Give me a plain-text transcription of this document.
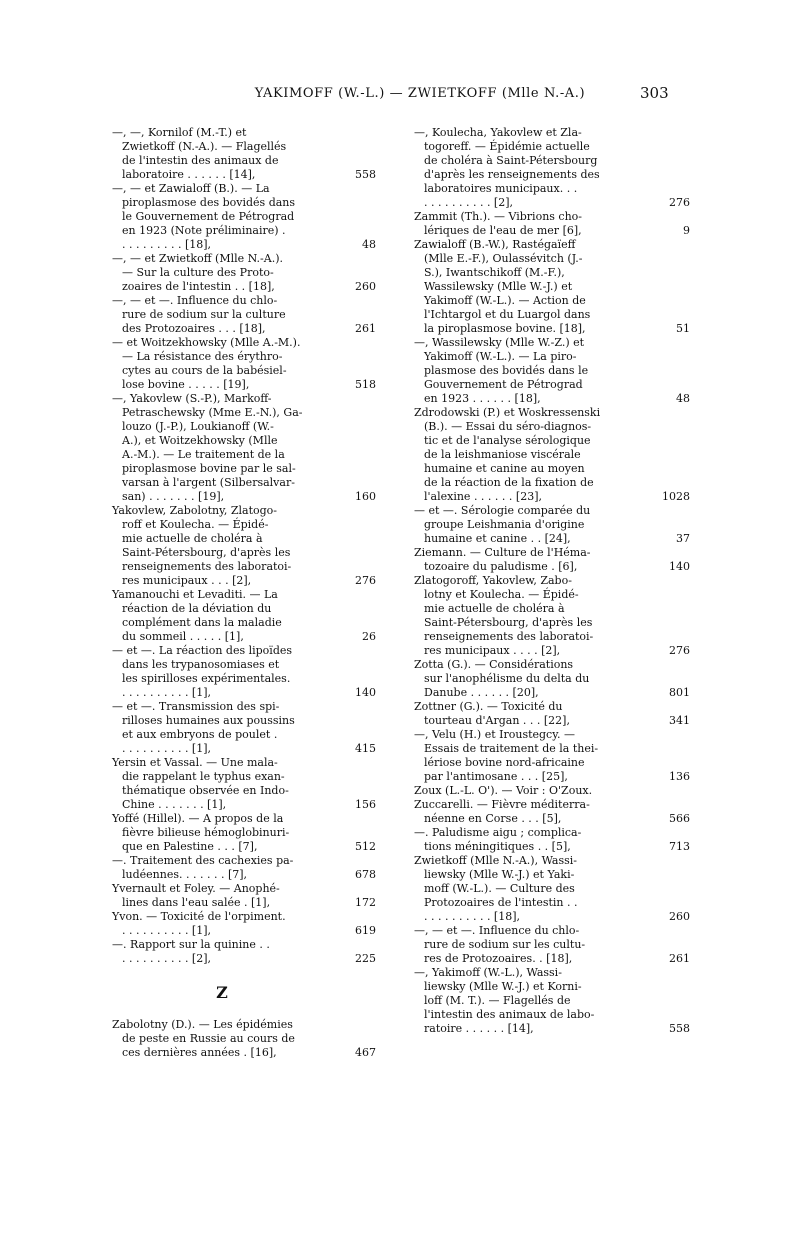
YAKIMOFF (W.-L.) — ZWIETKOFF (Mlle N.-A.)	303
—, —, Kornilof (M.-T.) et
Zwietkoff (N.-A.). — Flagellés
de l'intestin des animaux de
laboratoire . . . . . . [14],	558
—, — et Zawialoff (B.). — La
piroplasmose des bovidés dans
le Gouvernement de Pétrograd
en 1923 (Note préliminaire) .
. . . . . . . . . [18],	48
—, — et Zwietkoff (Mlle N.-A.).
— Sur la culture des Proto-
zoaires de l'intestin . . [18],	260
—, — et —. Influence du chlo-
rure de sodium sur la culture
des Protozoaires . . . [18],	261
— et Woitzekhowsky (Mlle A.-M.).
— La résistance des érythro-
cytes au cours de la babésiel-
lose bovine . . . . . [19],	518
—, Yakovlew (S.-P.), Markoff-
Petraschewsky (Mme E.-N.), Ga-
louzo (J.-P.), Loukianoff (W.-
A.), et Woitzekhowsky (Mlle
A.-M.). — Le traitement de la
piroplasmose bovine par le sal-
varsan à l'argent (Silbersalvar-
san) . . . . . . . [19],	160
Yakovlew, Zabolotny, Zlatogo-
roff et Koulecha. — Épidé-
mie actuelle de choléra à
Saint-Pétersbourg, d'après les
renseignements des laboratoi-
res municipaux . . . [2],	276
Yamanouchi et Levaditi. — La
réaction de la déviation du
complément dans la maladie
du sommeil . . . . . [1],	26
— et —. La réaction des lipoïdes
dans les trypanosomiases et
les spirilloses expérimentales.
. . . . . . . . . . [1],	140
— et —. Transmission des spi-
rilloses humaines aux poussins
et aux embryons de poulet .
. . . . . . . . . . [1],	415
Yersin et Vassal. — Une mala-
die rappelant le typhus exan-
thématique observée en Indo-
Chine . . . . . . . [1],	156
Yoffé (Hillel). — A propos de la
fièvre bilieuse hémoglobinuri-
que en Palestine . . . [7],	512
—. Traitement des cachexies pa-
ludéennes. . . . . . . [7],	678
Yvernault et Foley. — Anophé-
lines dans l'eau salée . [1],	172
Yvon. — Toxicité de l'orpiment.
. . . . . . . . . . [1],	619
—. Rapport sur la quinine . .
. . . . . . . . . . [2],	225
Z
Zabolotny (D.). — Les épidémies
de peste en Russie au cours de
ces dernières années . [16],	467
—, Koulecha, Yakovlew et Zla-
togoreff. — Épidémie actuelle
de choléra à Saint-Pétersbourg
d'après les renseignements des
laboratoires municipaux. . .
. . . . . . . . . . [2],	276
Zammit (Th.). — Vibrions cho-
lériques de l'eau de mer [6],	9
Zawialoff (B.-W.), Rastégaïeff
(Mlle E.-F.), Oulassévitch (J.-
S.), Iwantschikoff (M.-F.),
Wassilewsky (Mlle W.-J.) et
Yakimoff (W.-L.). — Action de
l'Ichtargol et du Luargol dans
la piroplasmose bovine. [18],	51
—, Wassilewsky (Mlle W.-Z.) et
Yakimoff (W.-L.). — La piro-
plasmose des bovidés dans le
Gouvernement de Pétrograd
en 1923 . . . . . . [18],	48
Zdrodowski (P.) et Woskressenski
(B.). — Essai du séro-diagnos-
tic et de l'analyse sérologique
de la leishmaniose viscérale
humaine et canine au moyen
de la réaction de la fixation de
l'alexine . . . . . . [23],	1028
— et —. Sérologie comparée du
groupe Leishmania d'origine
humaine et canine . . [24],	37
Ziemann. — Culture de l'Héma-
tozoaire du paludisme . [6],	140
Zlatogoroff, Yakovlew, Zabo-
lotny et Koulecha. — Épidé-
mie actuelle de choléra à
Saint-Pétersbourg, d'après les
renseignements des laboratoi-
res municipaux . . . . [2],	276
Zotta (G.). — Considérations
sur l'anophélisme du delta du
Danube . . . . . . [20],	801
Zottner (G.). — Toxicité du
tourteau d'Argan . . . [22],	341
—, Velu (H.) et Iroustegcy. —
Essais de traitement de la thei-
lériose bovine nord-africaine
par l'antimosane . . . [25],	136
Zoux (L.-L. O'). — Voir : O'Zoux.
Zuccarelli. — Fièvre méditerra-
néenne en Corse . . . [5],	566
—. Paludisme aigu ; complica-
tions méningitiques . . [5],	713
Zwietkoff (Mlle N.-A.), Wassi-
liewsky (Mlle W.-J.) et Yaki-
moff (W.-L.). — Culture des
Protozoaires de l'intestin . .
. . . . . . . . . . [18],	260
—, — et —. Influence du chlo-
rure de sodium sur les cultu-
res de Protozoaires. . [18],	261
—, Yakimoff (W.-L.), Wassi-
liewsky (Mlle W.-J.) et Korni-
loff (M. T.). — Flagellés de
l'intestin des animaux de labo-
ratoire . . . . . . [14],	558
